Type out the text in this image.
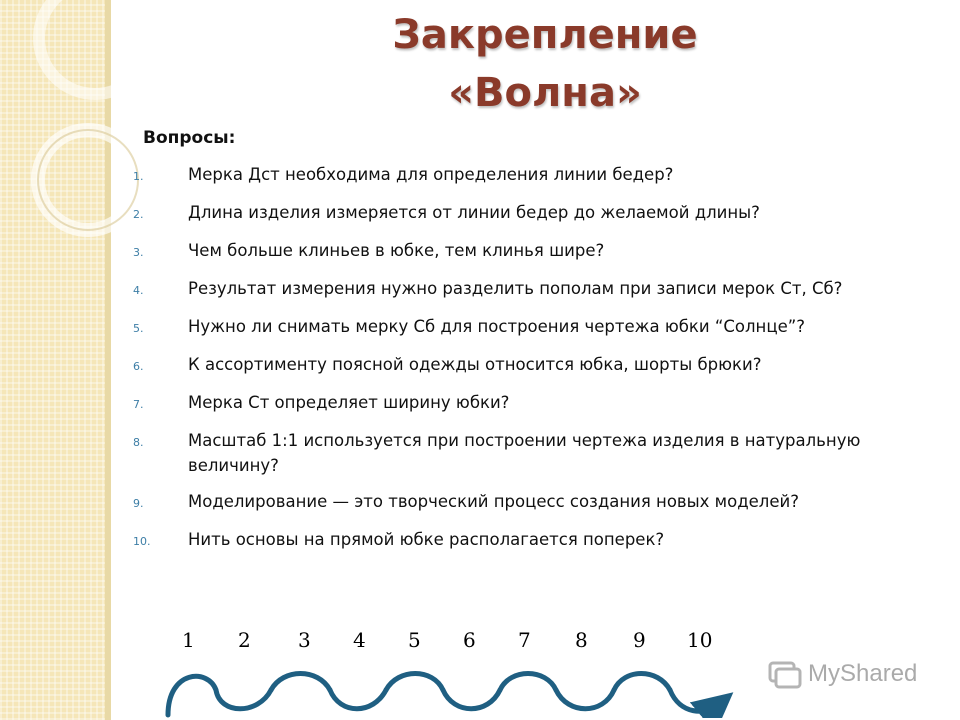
Закрепление
«Волна»
Вопросы:
1.	Мерка Дст необходима для определения линии бедер?
2.	Длина изделия измеряется от линии бедер до желаемой длины?
3.	Чем больше клиньев в юбке, тем клинья шире?
4.	Результат измерения нужно разделить пополам при записи мерок Ст, Сб?
5.	Нужно ли снимать мерку Сб для построения чертежа юбки “Солнце”?
6.	К ассортименту поясной одежды относится юбка, шорты брюки?
7.	Мерка Ст определяет ширину юбки?
8.	Масштаб 1:1 используется при построении чертежа изделия в натуральную величину?
9.	Моделирование — это творческий процесс создания новых моделей?
10.	Нить основы на прямой юбке располагается поперек?
1 2 3 4 5 6 7 8 9 10
MyShared
